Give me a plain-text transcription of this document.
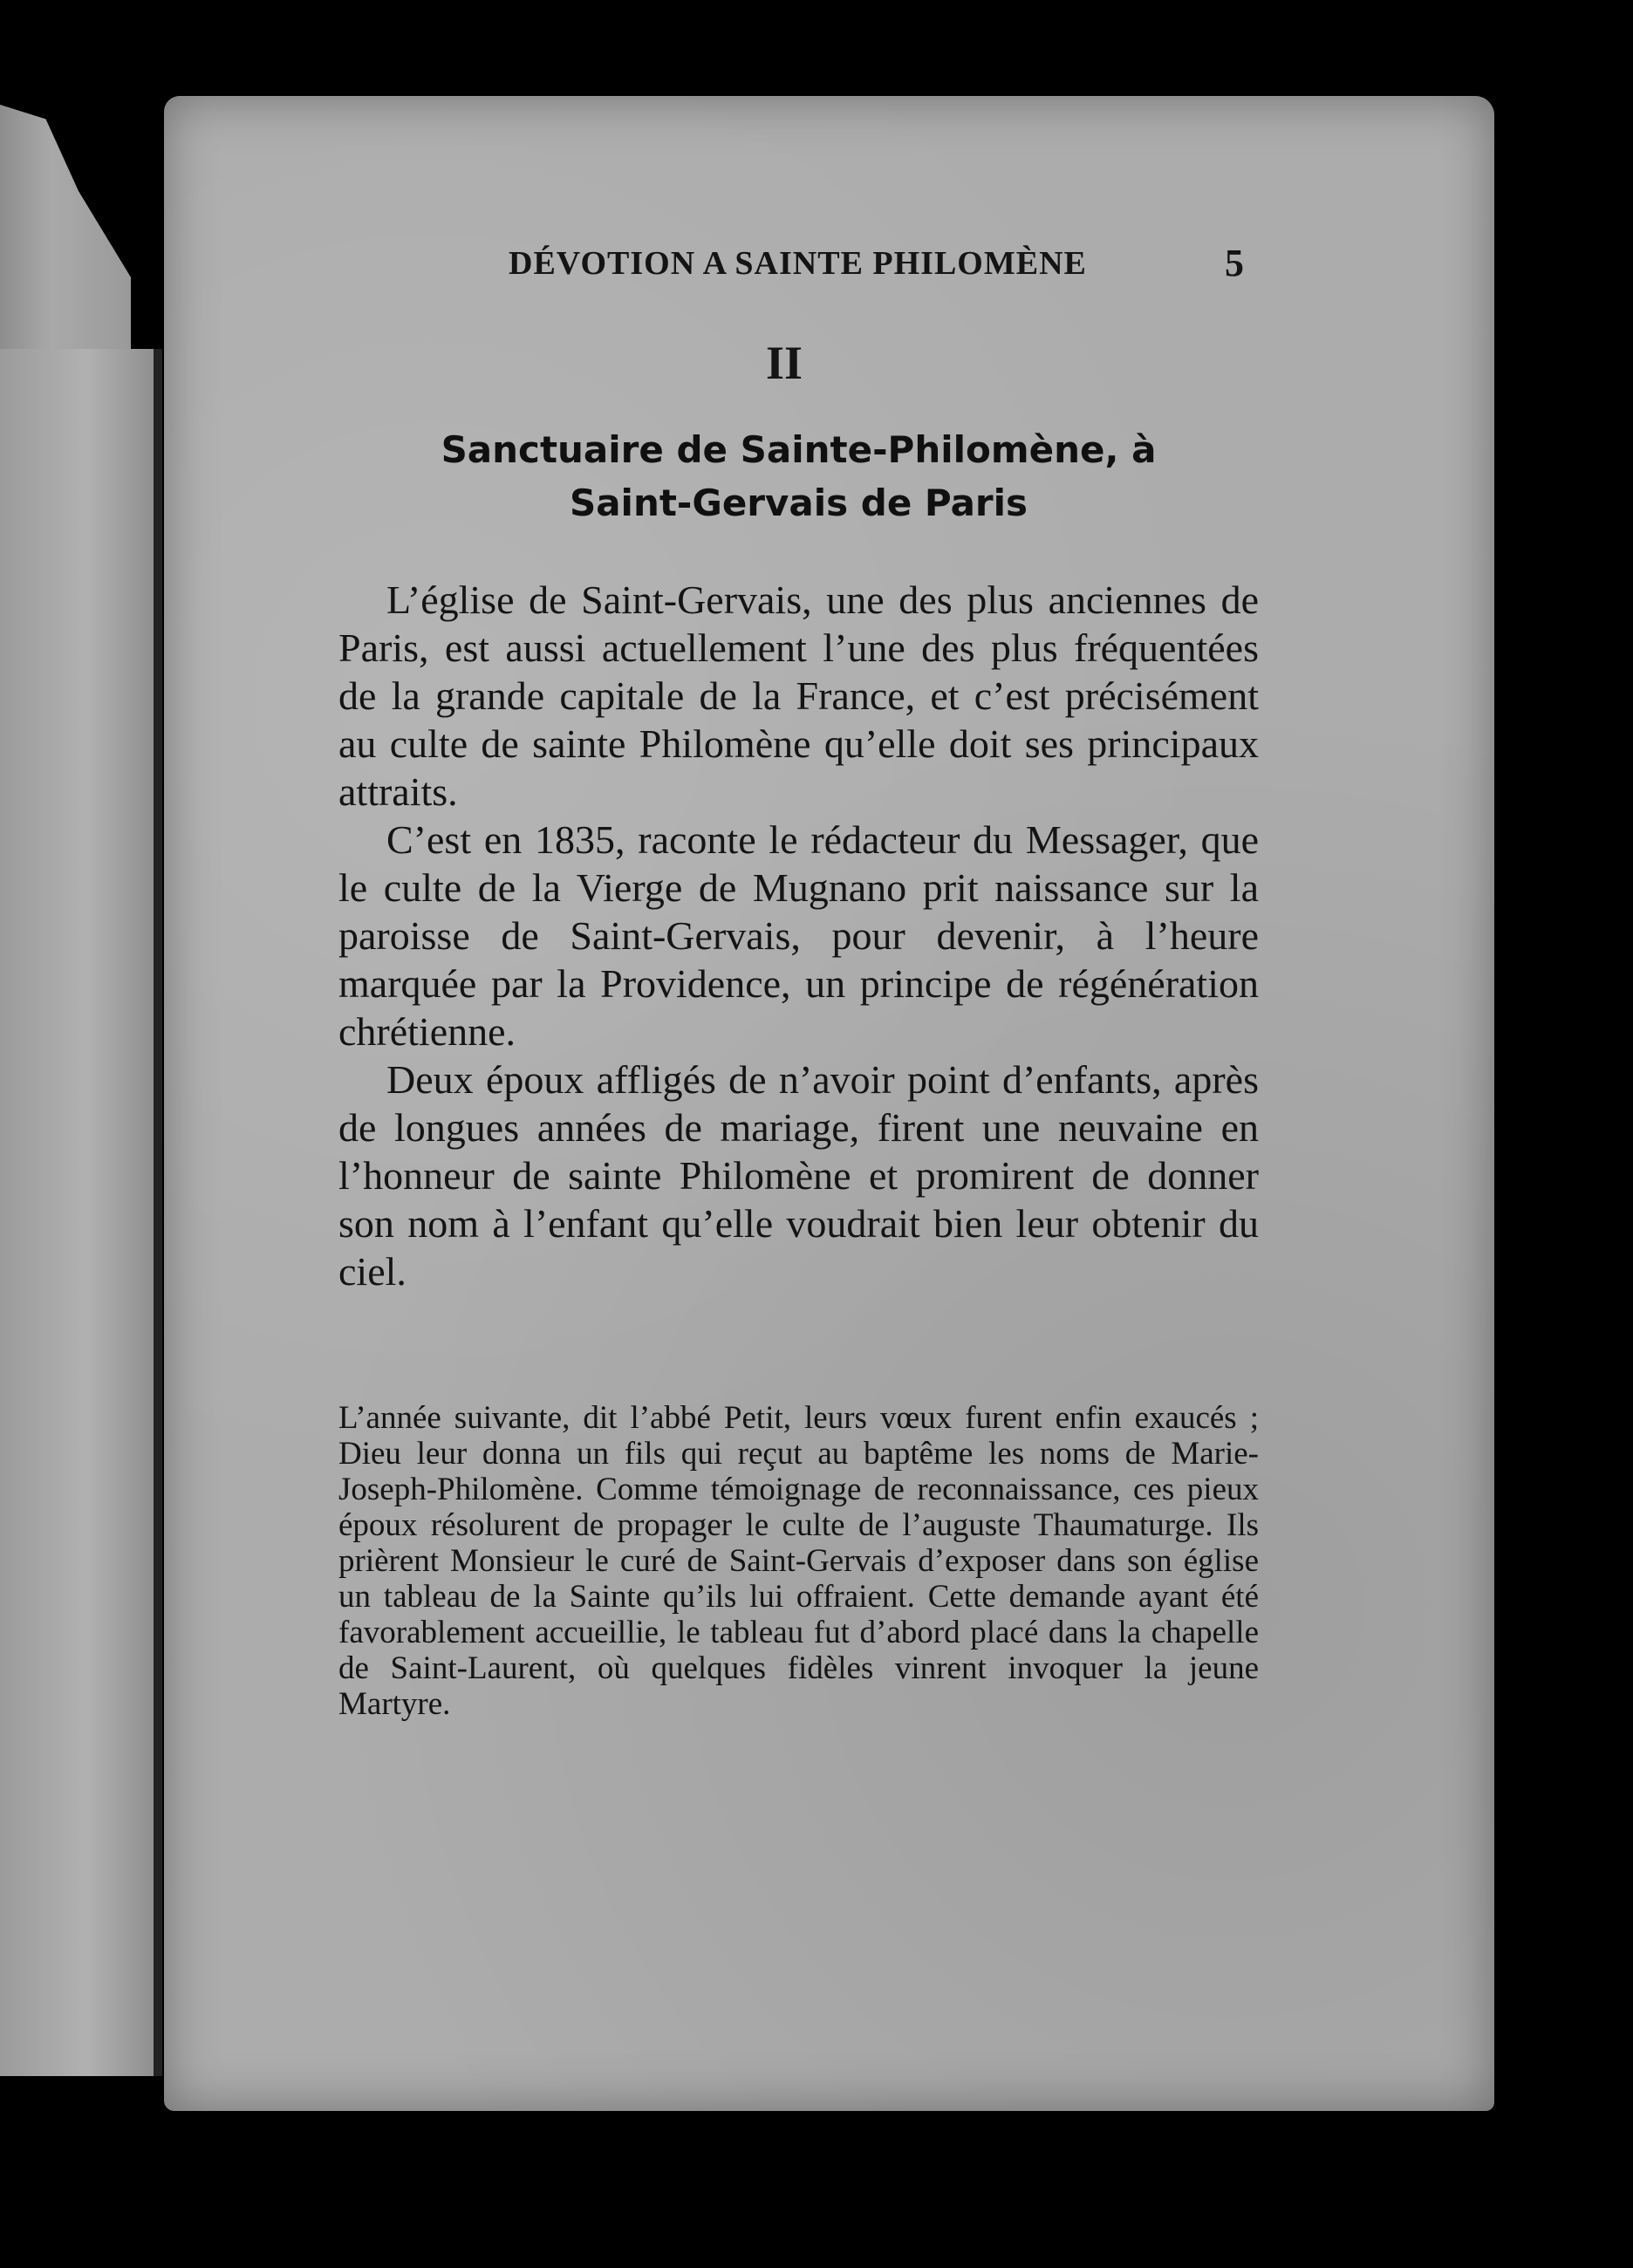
DÉVOTION A SAINTE PHILOMÈNE	5
II
Sanctuaire de Sainte-Philomène, à
Saint-Gervais de Paris

L’église de Saint-Gervais, une des plus anciennes de Paris, est aussi actuellement l’une des plus fréquentées de la grande capitale de la France, et c’est précisément au culte de sainte Philomène qu’elle doit ses principaux attraits.

C’est en 1835, raconte le rédacteur du Messager, que le culte de la Vierge de Mugnano prit naissance sur la paroisse de Saint-Gervais, pour devenir, à l’heure marquée par la Providence, un principe de régénération chrétienne.

Deux époux affligés de n’avoir point d’enfants, après de longues années de mariage, firent une neuvaine en l’honneur de sainte Philomène et promirent de donner son nom à l’enfant qu’elle voudrait bien leur obtenir du ciel.

L’année suivante, dit l’abbé Petit, leurs vœux furent enfin exaucés ; Dieu leur donna un fils qui reçut au baptême les noms de Marie-Joseph-Philomène. Comme témoignage de reconnaissance, ces pieux époux résolurent de propager le culte de l’auguste Thaumaturge. Ils prièrent Monsieur le curé de Saint-Gervais d’exposer dans son église un tableau de la Sainte qu’ils lui offraient. Cette demande ayant été favorablement accueillie, le tableau fut d’abord placé dans la chapelle de Saint-Laurent, où quelques fidèles vinrent invoquer la jeune Martyre.
